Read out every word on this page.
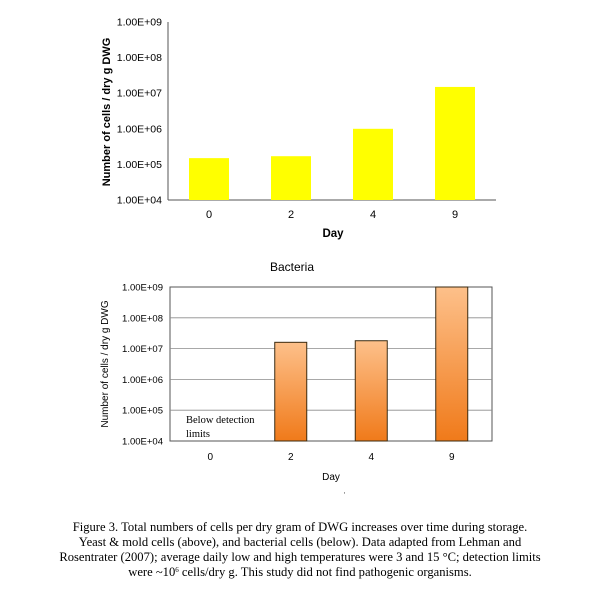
1.00E+04
1.00E+05
1.00E+06
1.00E+07
1.00E+08
1.00E+09
0	2	4	9
Day
Number of cells / dry g DWG
Bacteria
1.00E+04
1.00E+05
1.00E+06
1.00E+07
1.00E+08
1.00E+09
0	2	4	9
Day
Number of cells / dry g DWG	Below detection limits
·
Figure 3. Total numbers of cells per dry gram of DWG increases over time during storage.
Yeast & mold cells (above), and bacterial cells (below). Data adapted from Lehman and
Rosentrater (2007); average daily low and high temperatures were 3 and 15 °C; detection limits
were $\sim 10^6$ cells/dry g. This study did not find pathogenic organisms.
